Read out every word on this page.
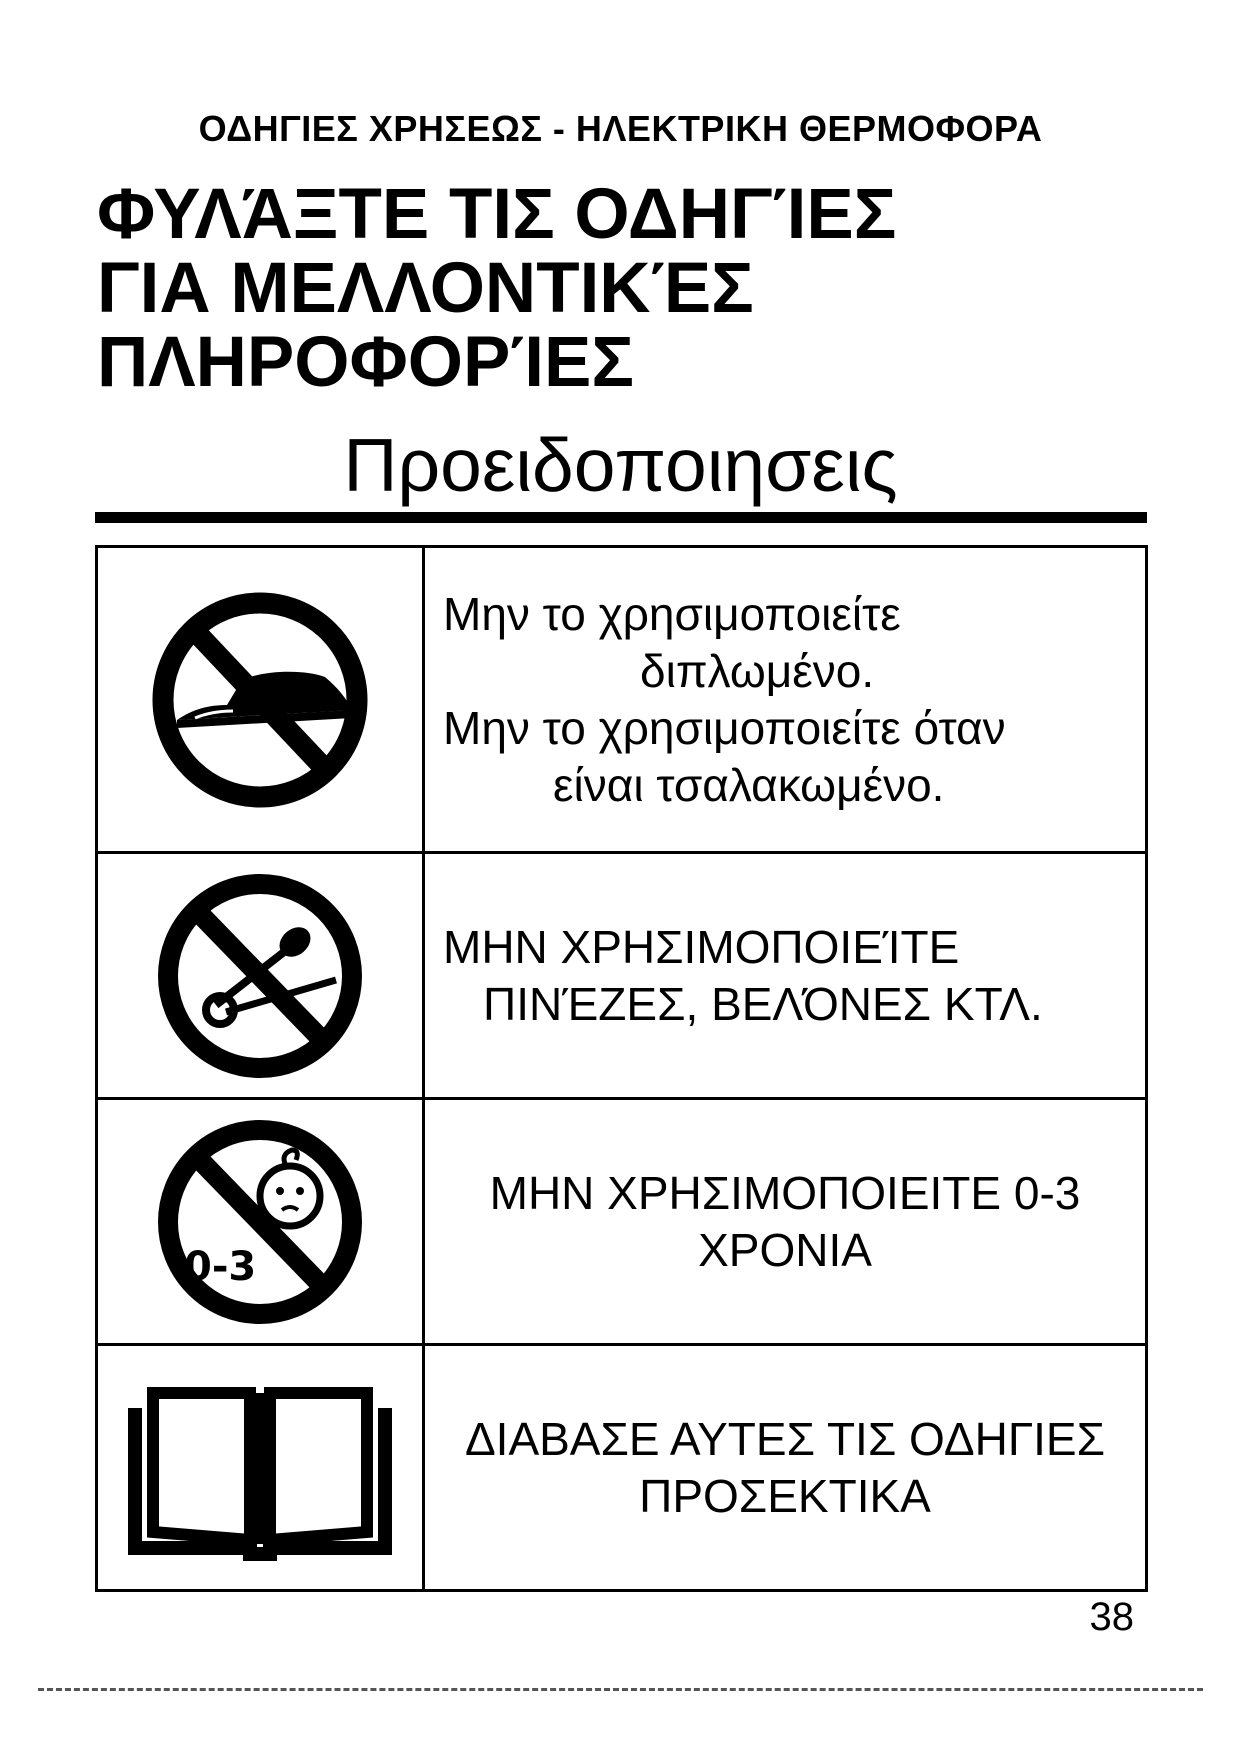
ΟΔΗΓΙΕΣ ΧΡΗΣΕΩΣ - ΗΛΕΚΤΡΙΚΗ ΘΕΡΜΟΦΟΡΑ
ΦΥΛΆΞΤΕ ΤΙΣ ΟΔΗΓΊΕΣ
ΓΙΑ ΜΕΛΛΟΝΤΙΚΈΣ
ΠΛΗΡΟΦΟΡΊΕΣ
Προειδοποιησεις

Μην το χρησιμοποιείτε
διπλωμένο.
Μην το χρησιμοποιείτε όταν
είναι τσαλακωμένο.

ΜΗΝ ΧΡΗΣΙΜΟΠΟΙΕΊΤΕ
ΠΙΝΈΖΕΣ, ΒΕΛΌΝΕΣ ΚΤΛ.

0-3	ΜΗΝ ΧΡΗΣΙΜΟΠΟΙΕΙΤΕ 0-3
ΧΡΟΝΙΑ

ΔΙΑΒΑΣΕ ΑΥΤΕΣ ΤΙΣ ΟΔΗΓΙΕΣ
ΠΡΟΣΕΚΤΙΚΑ
38
